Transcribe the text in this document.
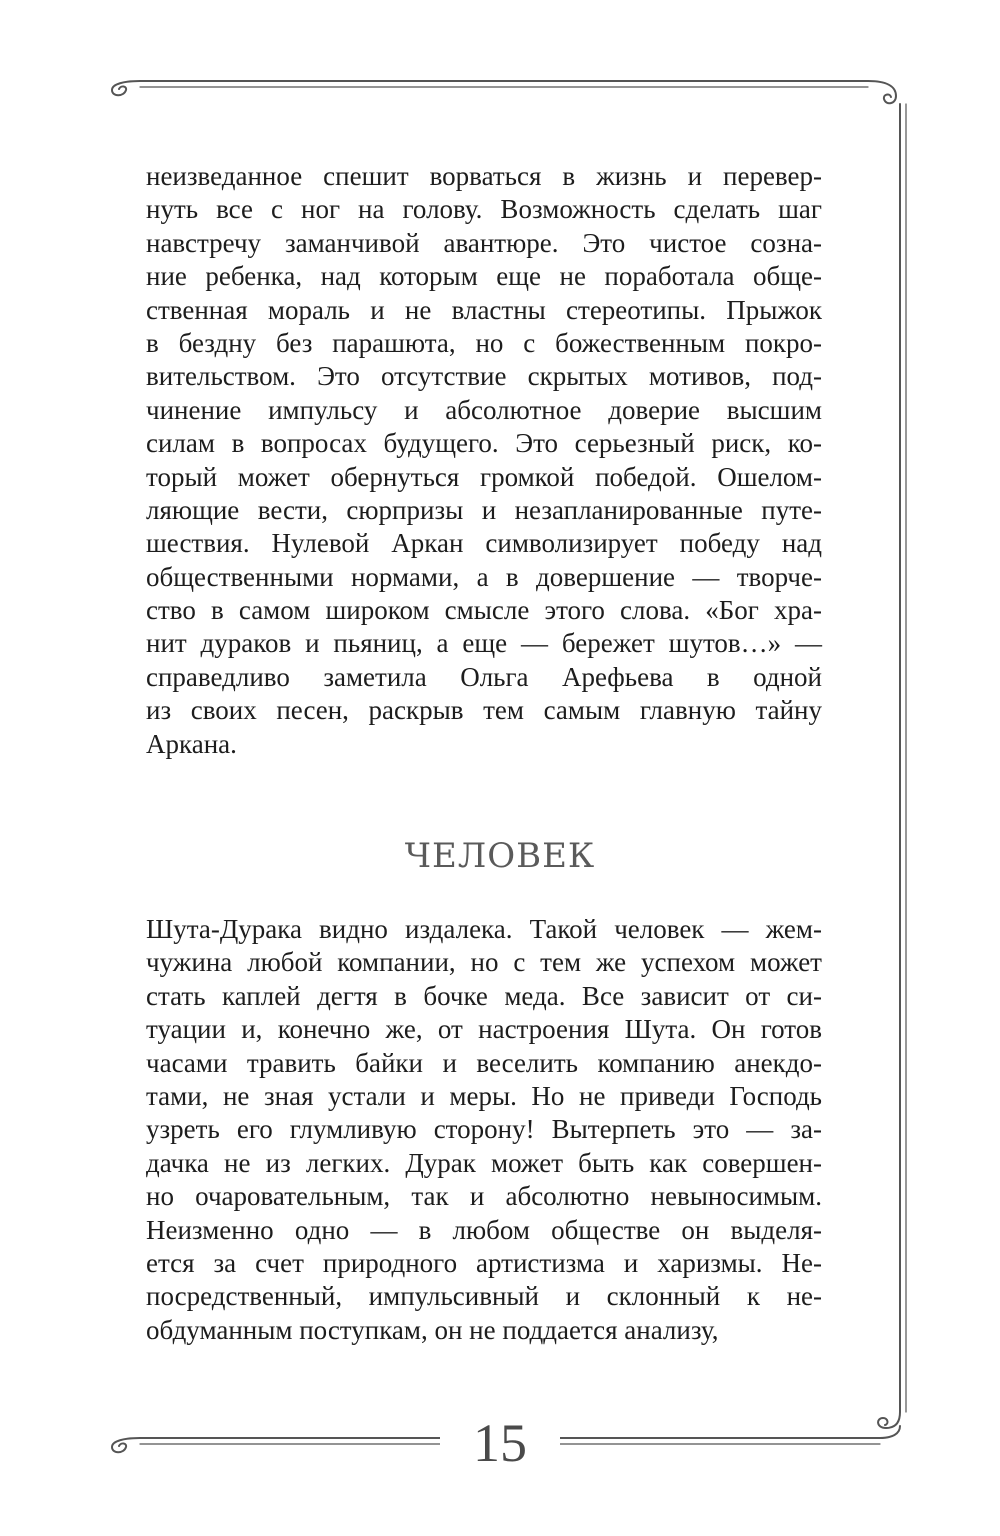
неизведанное спешит ворваться в жизнь и перевер-
нуть все с ног на голову. Возможность сделать шаг
навстречу заманчивой авантюре. Это чистое созна-
ние ребенка, над которым еще не поработала обще-
ственная мораль и не властны стереотипы. Прыжок
в бездну без парашюта, но с божественным покро-
вительством. Это отсутствие скрытых мотивов, под-
чинение импульсу и абсолютное доверие высшим
силам в вопросах будущего. Это серьезный риск, ко-
торый может обернуться громкой победой. Ошелом-
ляющие вести, сюрпризы и незапланированные путе-
шествия. Нулевой Аркан символизирует победу над
общественными нормами, а в довершение — творче-
ство в самом широком смысле этого слова. «Бог хра-
нит дураков и пьяниц, а еще — бережет шутов…» —
справедливо заметила Ольга Арефьева в одной
из своих песен, раскрыв тем самым главную тайну
Аркана.
ЧЕЛОВЕК
Шута-Дурака видно издалека. Такой человек — жем-
чужина любой компании, но с тем же успехом может
стать каплей дегтя в бочке меда. Все зависит от си-
туации и, конечно же, от настроения Шута. Он готов
часами травить байки и веселить компанию анекдо-
тами, не зная устали и меры. Но не приведи Господь
узреть его глумливую сторону! Вытерпеть это — за-
дачка не из легких. Дурак может быть как совершен-
но очаровательным, так и абсолютно невыносимым.
Неизменно одно — в любом обществе он выделя-
ется за счет природного артистизма и харизмы. Не-
посредственный, импульсивный и склонный к не-
обдуманным поступкам, он не поддается анализу,
15
